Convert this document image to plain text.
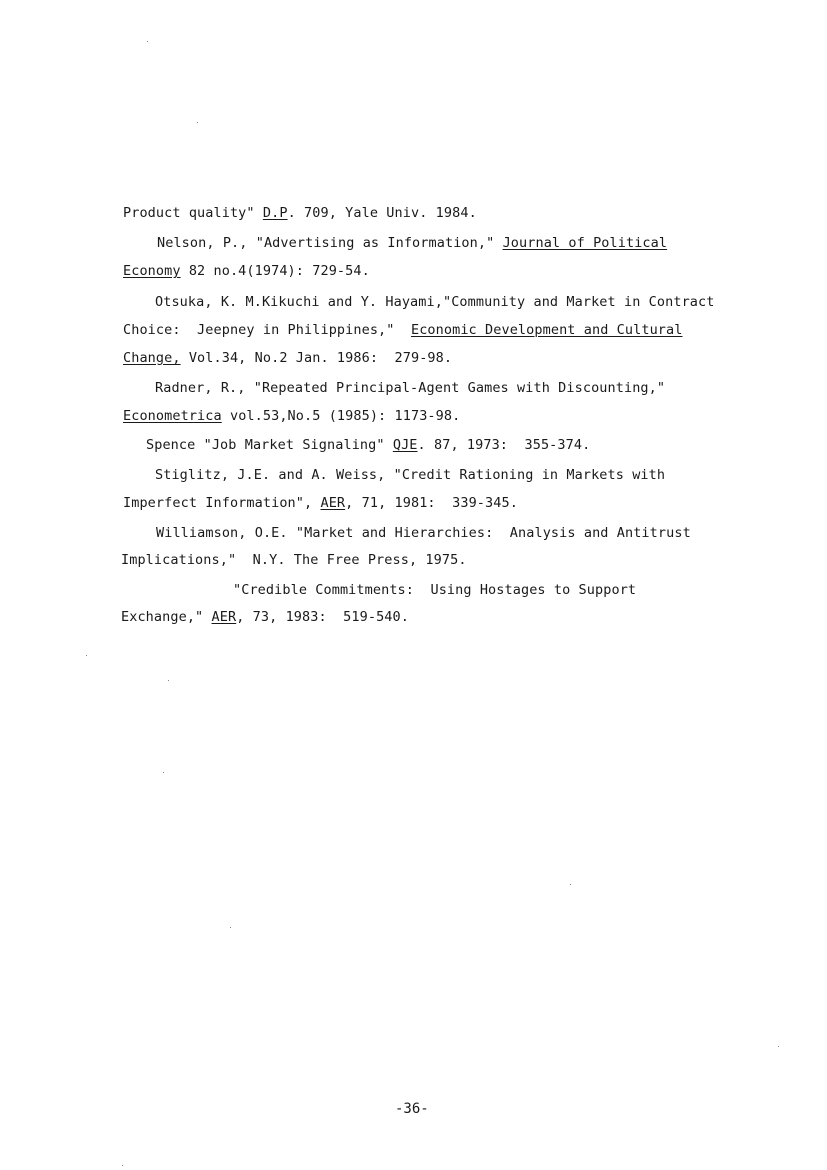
Product quality" D.P. 709, Yale Univ. 1984.
Nelson, P., "Advertising as Information," Journal of Political
Economy 82 no.4(1974): 729-54.
Otsuka, K. M.Kikuchi and Y. Hayami,"Community and Market in Contract
Choice:  Jeepney in Philippines,"  Economic Development and Cultural
Change, Vol.34, No.2 Jan. 1986:  279-98.
Radner, R., "Repeated Principal-Agent Games with Discounting,"
Econometrica vol.53,No.5 (1985): 1173-98.
Spence "Job Market Signaling" QJE. 87, 1973:  355-374.
Stiglitz, J.E. and A. Weiss, "Credit Rationing in Markets with
Imperfect Information", AER, 71, 1981:  339-345.
Williamson, O.E. "Market and Hierarchies:  Analysis and Antitrust
Implications,"  N.Y. The Free Press, 1975.
"Credible Commitments:  Using Hostages to Support
Exchange," AER, 73, 1983:  519-540.
-36-
